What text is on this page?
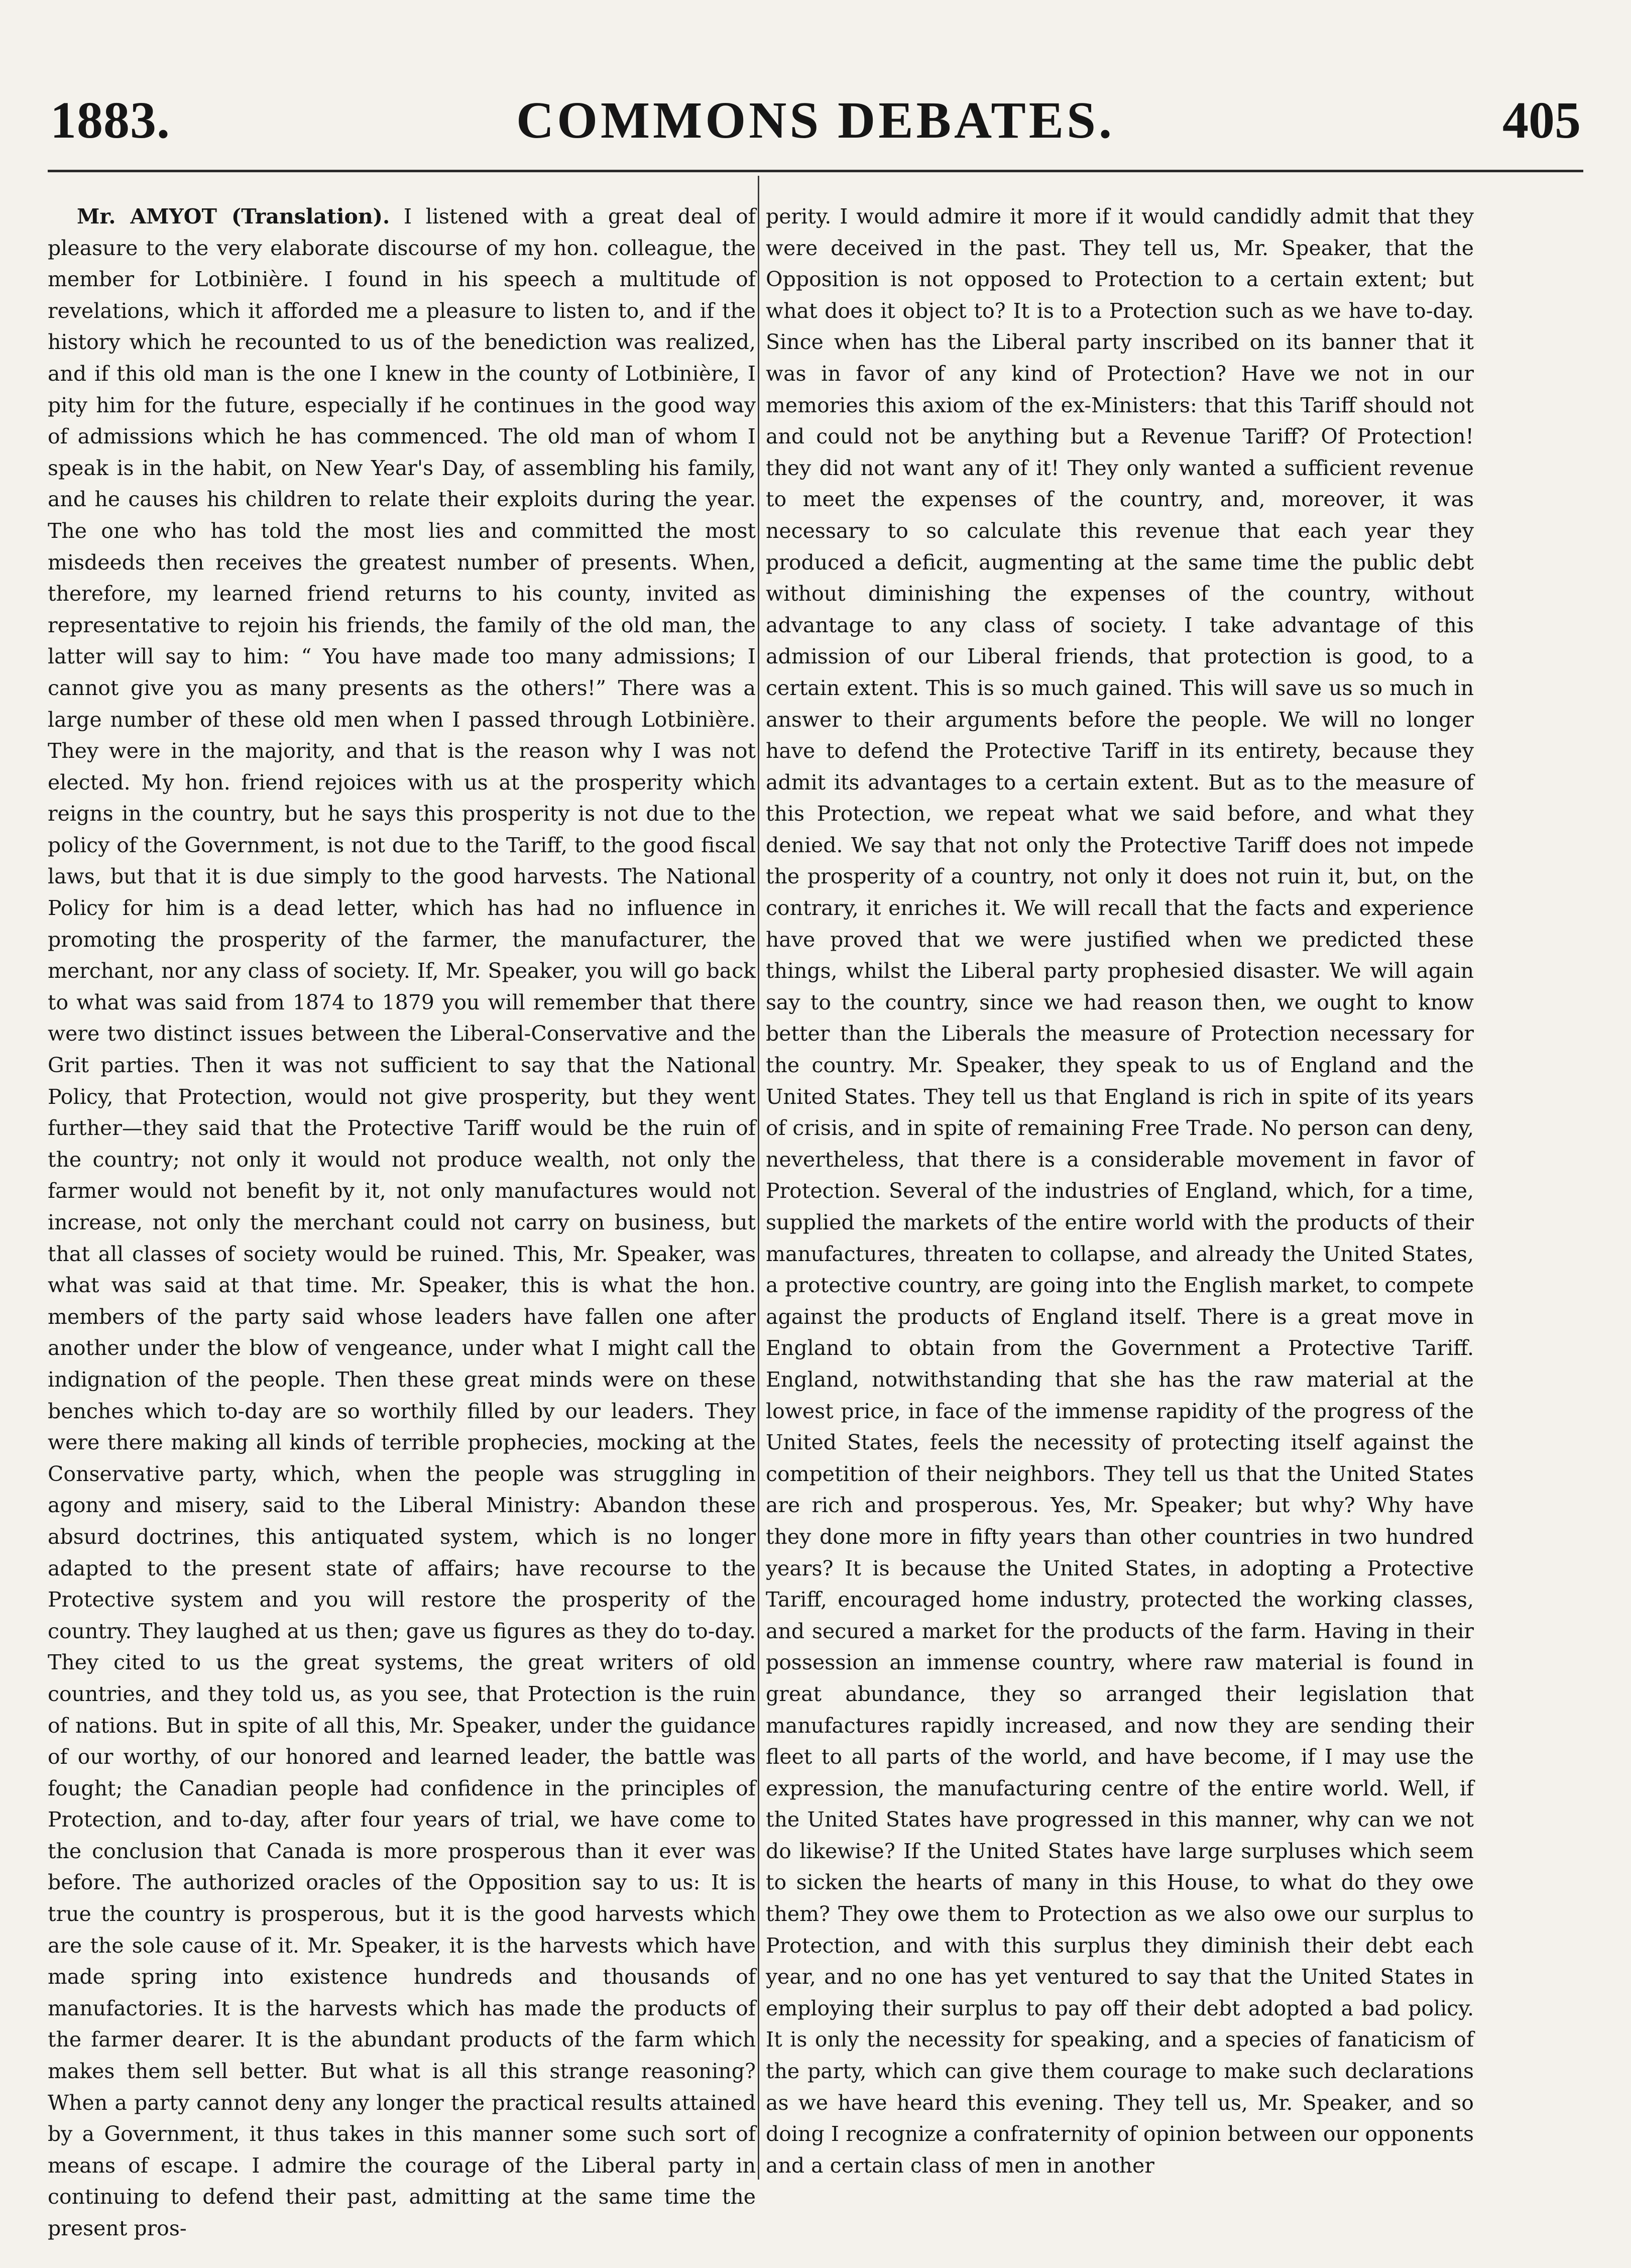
1883.	COMMONS DEBATES.	405

Mr. AMYOT (Translation). I listened with a great deal of pleasure to the very elaborate discourse of my hon. colleague, the member for Lotbinière. I found in his speech a multitude of revelations, which it afforded me a pleasure to listen to, and if the history which he recounted to us of the benediction was realized, and if this old man is the one I knew in the county of Lotbinière, I pity him for the future, especially if he continues in the good way of admissions which he has commenced. The old man of whom I speak is in the habit, on New Year's Day, of assembling his family, and he causes his children to relate their exploits during the year. The one who has told the most lies and committed the most misdeeds then receives the greatest number of presents. When, therefore, my learned friend returns to his county, invited as representative to rejoin his friends, the family of the old man, the latter will say to him: “ You have made too many admissions; I cannot give you as many presents as the others!” There was a large number of these old men when I passed through Lotbinière. They were in the majority, and that is the reason why I was not elected. My hon. friend rejoices with us at the prosperity which reigns in the country, but he says this prosperity is not due to the policy of the Government, is not due to the Tariff, to the good fiscal laws, but that it is due simply to the good harvests. The National Policy for him is a dead letter, which has had no influence in promoting the prosperity of the farmer, the manufacturer, the merchant, nor any class of society. If, Mr. Speaker, you will go back to what was said from 1874 to 1879 you will remember that there were two distinct issues between the Liberal-Conservative and the Grit parties. Then it was not sufficient to say that the National Policy, that Protection, would not give prosperity, but they went further—they said that the Protective Tariff would be the ruin of the country; not only it would not produce wealth, not only the farmer would not benefit by it, not only manufactures would not increase, not only the merchant could not carry on business, but that all classes of society would be ruined. This, Mr. Speaker, was what was said at that time. Mr. Speaker, this is what the hon. members of the party said whose leaders have fallen one after another under the blow of vengeance, under what I might call the indignation of the people. Then these great minds were on these benches which to-day are so worthily filled by our leaders. They were there making all kinds of terrible prophecies, mocking at the Conservative party, which, when the people was struggling in agony and misery, said to the Liberal Ministry: Abandon these absurd doctrines, this antiquated system, which is no longer adapted to the present state of affairs; have recourse to the Protective system and you will restore the prosperity of the country. They laughed at us then; gave us figures as they do to-day. They cited to us the great systems, the great writers of old countries, and they told us, as you see, that Protection is the ruin of nations. But in spite of all this, Mr. Speaker, under the guidance of our worthy, of our honored and learned leader, the battle was fought; the Canadian people had confidence in the principles of Protection, and to-day, after four years of trial, we have come to the conclusion that Canada is more prosperous than it ever was before. The authorized oracles of the Opposition say to us: It is true the country is prosperous, but it is the good harvests which are the sole cause of it. Mr. Speaker, it is the harvests which have made spring into existence hundreds and thousands of manufactories. It is the harvests which has made the products of the farmer dearer. It is the abundant products of the farm which makes them sell better. But what is all this strange reasoning? When a party cannot deny any longer the practical results attained by a Government, it thus takes in this manner some such sort of means of escape. I admire the courage of the Liberal party in continuing to defend their past, admitting at the same time the present pros-

perity. I would admire it more if it would candidly admit that they were deceived in the past. They tell us, Mr. Speaker, that the Opposition is not opposed to Protection to a certain extent; but what does it object to? It is to a Protection such as we have to-day. Since when has the Liberal party inscribed on its banner that it was in favor of any kind of Protection? Have we not in our memories this axiom of the ex-Ministers: that this Tariff should not and could not be anything but a Revenue Tariff? Of Protection! they did not want any of it! They only wanted a sufficient revenue to meet the expenses of the country, and, moreover, it was necessary to so calculate this revenue that each year they produced a deficit, augmenting at the same time the public debt without diminishing the expenses of the country, without advantage to any class of society. I take advantage of this admission of our Liberal friends, that protection is good, to a certain extent. This is so much gained. This will save us so much in answer to their arguments before the people. We will no longer have to defend the Protective Tariff in its entirety, because they admit its advantages to a certain extent. But as to the measure of this Protection, we repeat what we said before, and what they denied. We say that not only the Protective Tariff does not impede the prosperity of a country, not only it does not ruin it, but, on the contrary, it enriches it. We will recall that the facts and experience have proved that we were justified when we predicted these things, whilst the Liberal party prophesied disaster. We will again say to the country, since we had reason then, we ought to know better than the Liberals the measure of Protection necessary for the country. Mr. Speaker, they speak to us of England and the United States. They tell us that England is rich in spite of its years of crisis, and in spite of remaining Free Trade. No person can deny, nevertheless, that there is a considerable movement in favor of Protection. Several of the industries of England, which, for a time, supplied the markets of the entire world with the products of their manufactures, threaten to collapse, and already the United States, a protective country, are going into the English market, to compete against the products of England itself. There is a great move in England to obtain from the Government a Protective Tariff. England, notwithstanding that she has the raw material at the lowest price, in face of the immense rapidity of the progress of the United States, feels the necessity of protecting itself against the competition of their neighbors. They tell us that the United States are rich and prosperous. Yes, Mr. Speaker; but why? Why have they done more in fifty years than other countries in two hundred years? It is because the United States, in adopting a Protective Tariff, encouraged home industry, protected the working classes, and secured a market for the products of the farm. Having in their possession an immense country, where raw material is found in great abundance, they so arranged their legislation that manufactures rapidly increased, and now they are sending their fleet to all parts of the world, and have become, if I may use the expression, the manufacturing centre of the entire world. Well, if the United States have progressed in this manner, why can we not do likewise? If the United States have large surpluses which seem to sicken the hearts of many in this House, to what do they owe them? They owe them to Protection as we also owe our surplus to Protection, and with this surplus they diminish their debt each year, and no one has yet ventured to say that the United States in employing their surplus to pay off their debt adopted a bad policy. It is only the necessity for speaking, and a species of fanaticism of the party, which can give them courage to make such declarations as we have heard this evening. They tell us, Mr. Speaker, and so doing I recognize a confraternity of opinion between our opponents and a certain class of men in another
